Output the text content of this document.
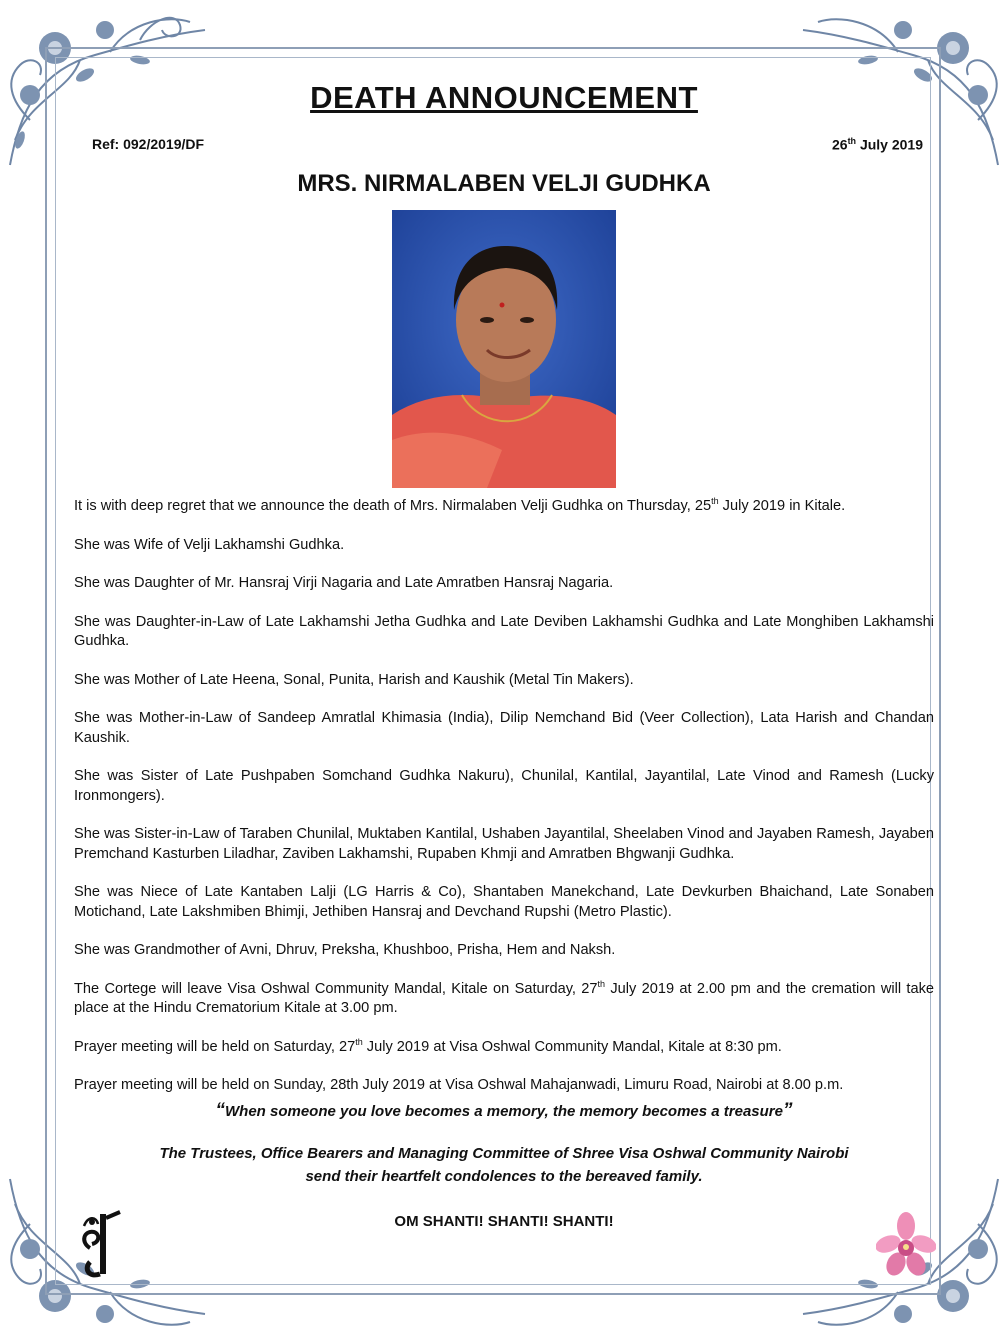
DEATH ANNOUNCEMENT
Ref: 092/2019/DF	26th July 2019
MRS. NIRMALABEN VELJI GUDHKA

It is with deep regret that we announce the death of Mrs. Nirmalaben Velji Gudhka on Thursday, 25th July 2019 in Kitale.

She was Wife of Velji Lakhamshi Gudhka.

She was Daughter of Mr. Hansraj Virji Nagaria and Late Amratben Hansraj Nagaria.

She was Daughter-in-Law of Late Lakhamshi Jetha Gudhka and Late Deviben Lakhamshi Gudhka and Late Monghiben Lakhamshi Gudhka.

She was Mother of Late Heena, Sonal, Punita, Harish and Kaushik (Metal Tin Makers).

She was Mother-in-Law of Sandeep Amratlal Khimasia (India), Dilip Nemchand Bid (Veer Collection), Lata Harish and Chandan Kaushik.

She was Sister of Late Pushpaben Somchand Gudhka Nakuru), Chunilal, Kantilal, Jayantilal, Late Vinod and Ramesh (Lucky Ironmongers).

She was Sister-in-Law of Taraben Chunilal, Muktaben Kantilal, Ushaben Jayantilal, Sheelaben Vinod and Jayaben Ramesh, Jayaben Premchand Kasturben Liladhar, Zaviben Lakhamshi, Rupaben Khmji and Amratben Bhgwanji Gudhka.

She was Niece of Late Kantaben Lalji (LG Harris & Co), Shantaben Manekchand, Late Devkurben Bhaichand, Late Sonaben Motichand, Late Lakshmiben Bhimji, Jethiben Hansraj and Devchand Rupshi (Metro Plastic).

She was Grandmother of Avni, Dhruv, Preksha, Khushboo, Prisha, Hem and Naksh.

The Cortege will leave Visa Oshwal Community Mandal, Kitale on Saturday, 27th July 2019 at 2.00 pm and the cremation will take place at the Hindu Crematorium Kitale at 3.00 pm.

Prayer meeting will be held on Saturday, 27th July 2019 at Visa Oshwal Community Mandal, Kitale at 8:30 pm.

Prayer meeting will be held on Sunday, 28th July 2019 at Visa Oshwal Mahajanwadi, Limuru Road, Nairobi at 8.00 p.m.

“When someone you love becomes a memory, the memory becomes a treasure”
The Trustees, Office Bearers and Managing Committee of Shree Visa Oshwal Community Nairobi
send their heartfelt condolences to the bereaved family.
OM SHANTI! SHANTI! SHANTI!
